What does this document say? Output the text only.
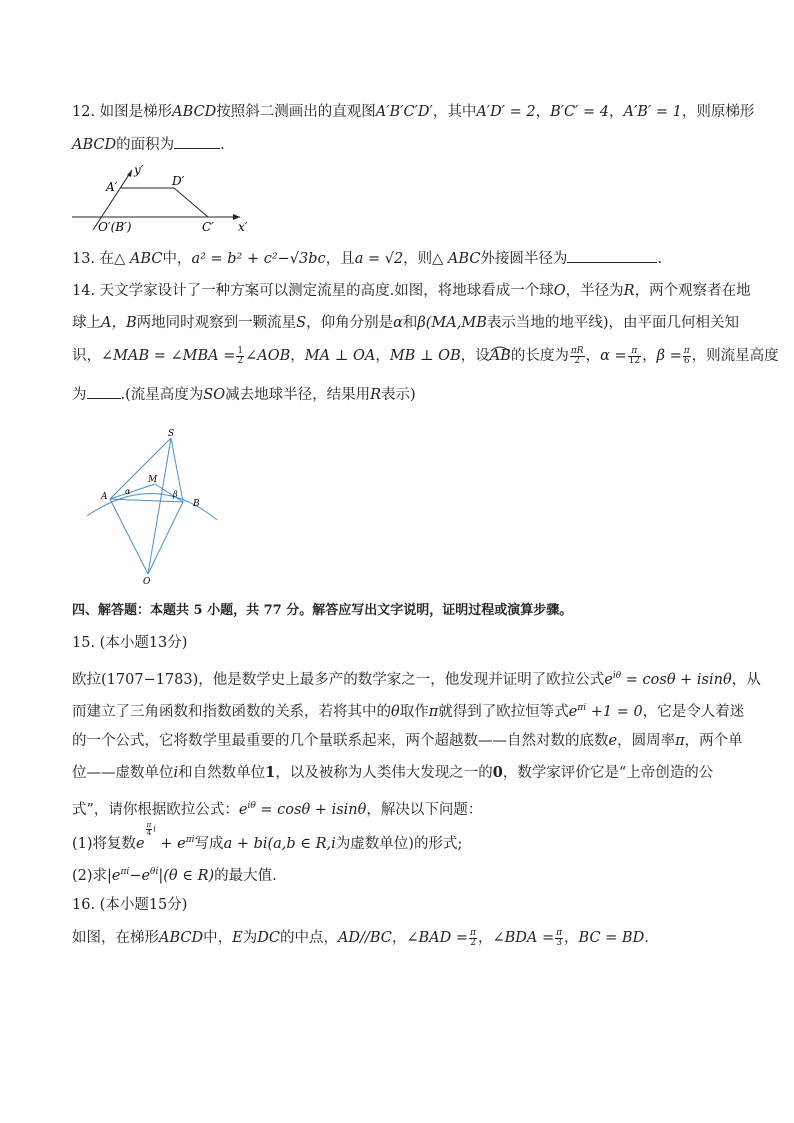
12. 如图是梯形ABCD按照斜二测画出的直观图A′B′C′D′，其中A′D′ = 2，B′C′ = 4，A′B′ = 1，则原梯形
ABCD的面积为	.
y′
x′
A′	D′
O′(B′)	C′
13. 在△ ABC中，a² = b² + c²−√3bc，且a = √2，则△ ABC外接圆半径为	.
14. 天文学家设计了一种方案可以测定流星的高度.如图，将地球看成一个球O，半径为R，两个观察者在地
球上A，B两地同时观察到一颗流星S，仰角分别是α和β(MA,MB表示当地的地平线)，由平面几何相关知
识，∠MAB = ∠MBA = $\frac{1}{2}$ ∠AOB，MA ⊥ OA，MB ⊥ OB，设AB
的长度为 $\frac{\pi R}{2}$ ，$\alpha = \frac{\pi}{12}$ ，$\beta = \frac{\pi}{6}$ ，则流星高度
为 .(流星高度为SO减去地球半径，结果用R表示)
S
M
A
B
O
α	β
四、解答题：本题共 5 小题，共 77 分。解答应写出文字说明，证明过程或演算步骤。
15. (本小题13分)
欧拉(1707−1783)，他是数学史上最多产的数学家之一，他发现并证明了欧拉公式$e^{i\theta} = \cos\theta + isin\theta$，从
而建立了三角函数和指数函数的关系，若将其中的θ取作π就得到了欧拉恒等式$e^{\pi i} +1 = 0$，它是令人着迷
的一个公式，它将数学里最重要的几个量联系起来，两个超越数——自然对数的底数e，圆周率π，两个单
位——虚数单位i和自然数单位1，以及被称为人类伟大发现之一的0，数学家评价它是“上帝创造的公
式”，请你根据欧拉公式：$e^{i\theta} = \cos\theta + isin\theta$，解决以下问题：
(1)将复数e
$\frac{\pi}{4}$ $i + e^{\pi i}$写成a + bi(a,b ∈ R,i为虚数单位)的形式;
(2)求$|e^{\pi i}-e^{\theta i}|(\theta$ ∈ R)的最大值.
16. (本小题15分)
如图，在梯形ABCD中，E为DC的中点，AD//BC，∠BAD = $\frac{\pi}{2}$ ，∠BDA = $\frac{\pi}{3}$ ，BC = BD.
